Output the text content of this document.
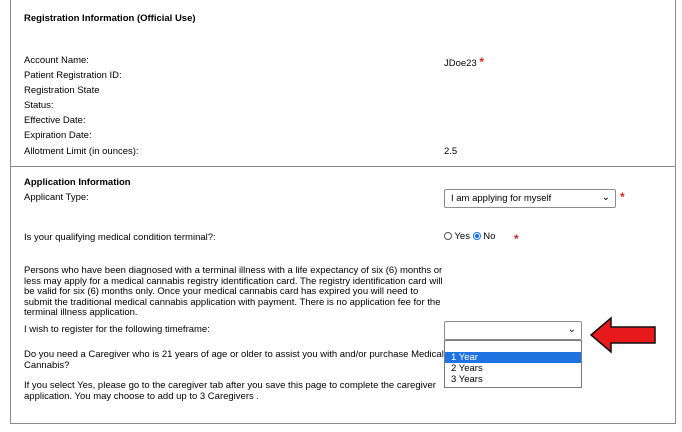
Registration Information (Official Use)
Account Name:	JDoe23 *
Patient Registration ID:
Registration State
Status:
Effective Date:
Expiration Date:
Allotment Limit (in ounces):	2.5
Application Information
Applicant Type:	I am applying for myself	⌄ *
Is your qualifying medical condition terminal?:	Yes No *
Persons who have been diagnosed with a terminal illness with a life expectancy of six (6) months or less may apply for a medical cannabis registry identification card. The registry identification card will be valid for six (6) months only. Once your medical cannabis card has expired you will need to submit the traditional medical cannabis application with payment. There is no application fee for the terminal illness application.
I wish to register for the following timeframe:	⌄
1 Year
2 Years
3 Years
Do you need a Caregiver who is 21 years of age or older to assist you with and/or purchase Medical Cannabis?
If you select Yes, please go to the caregiver tab after you save this page to complete the caregiver application. You may choose to add up to 3 Caregivers .
